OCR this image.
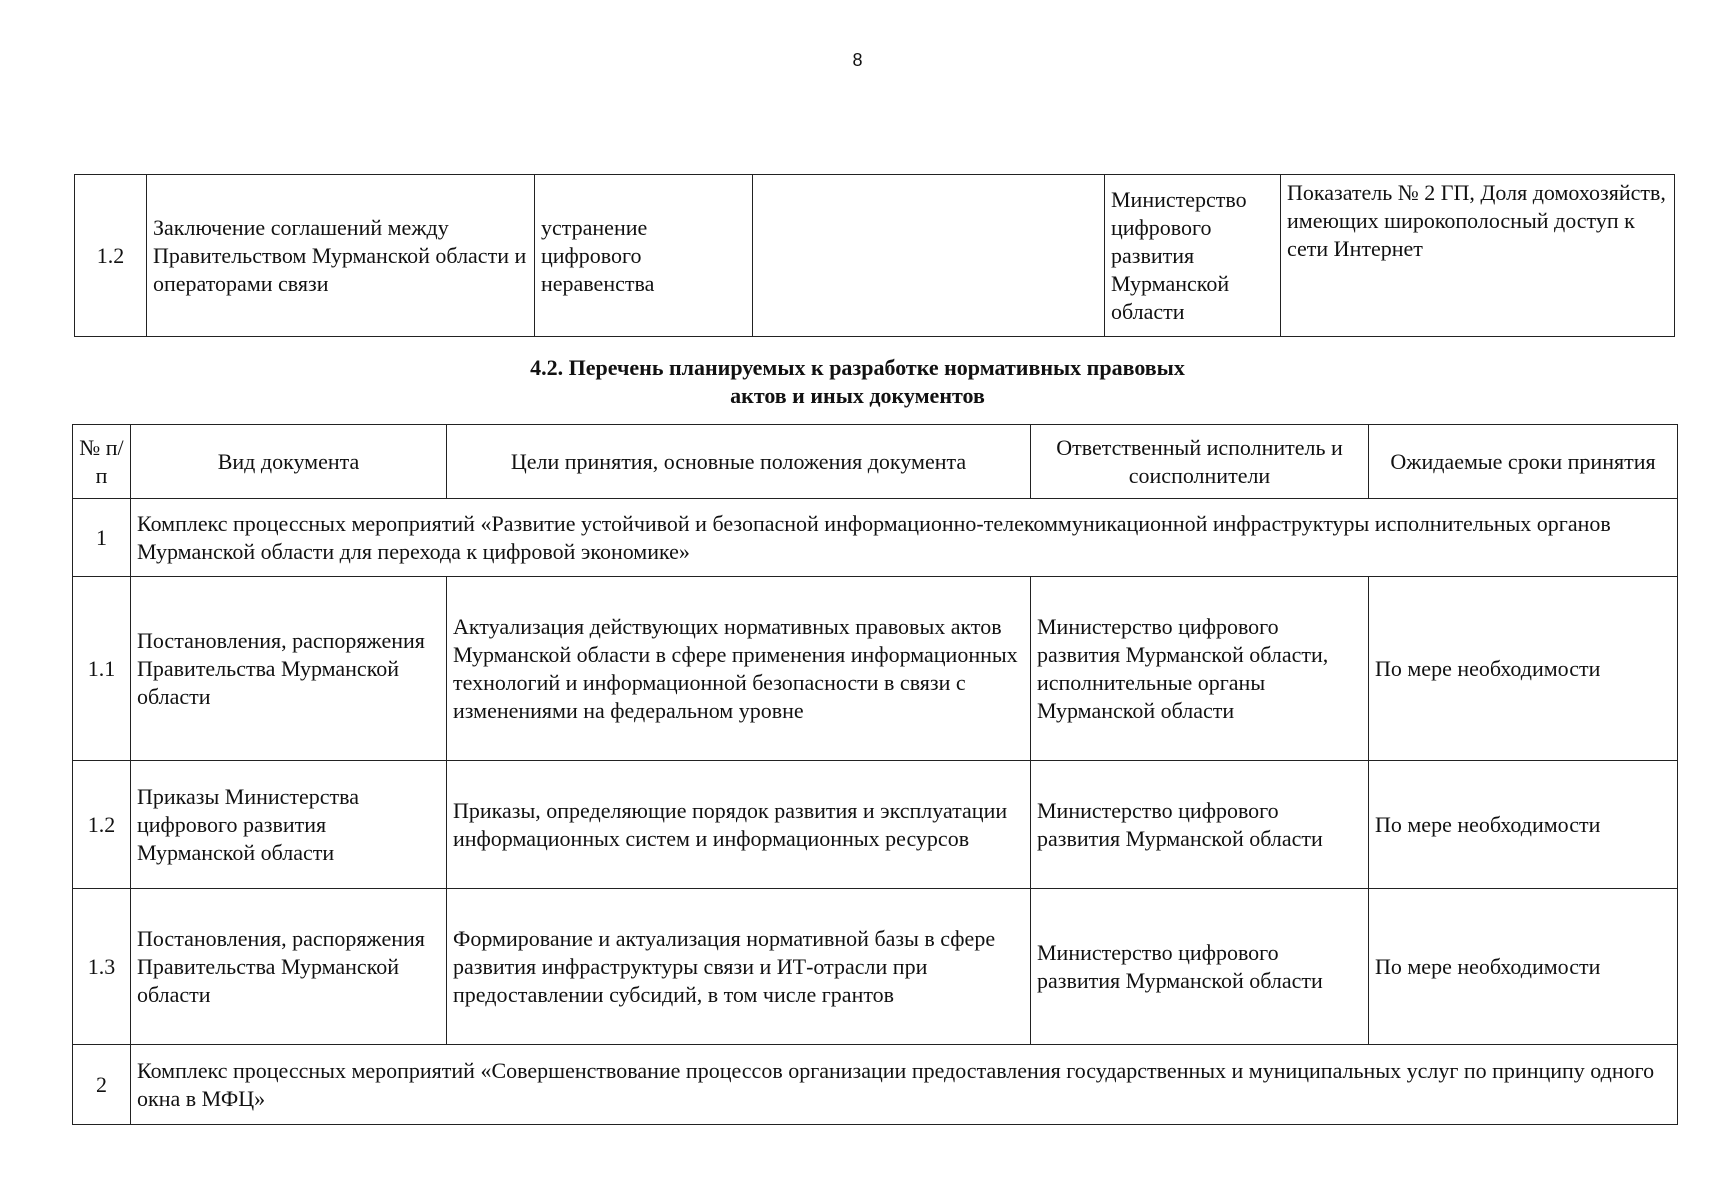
8
1.2	Заключение соглашений между Правительством Мурманской области и операторами связи	устранение цифрового неравенства		Министерство цифрового развития Мурманской области	Показатель № 2 ГП, Доля домохозяйств, имеющих широкополосный доступ к сети Интернет
4.2. Перечень планируемых к разработке нормативных правовых
актов и иных документов
№ п/п	Вид документа	Цели принятия, основные положения документа	Ответственный исполнитель и соисполнители	Ожидаемые сроки принятия
1	Комплекс процессных мероприятий «Развитие устойчивой и безопасной информационно-телекоммуникационной инфраструктуры исполнительных органов Мурманской области для перехода к цифровой экономике»			
1.1	Постановления, распоряжения Правительства Мурманской области	Актуализация действующих нормативных правовых актов Мурманской области в сфере применения информационных технологий и информационной безопасности в связи с изменениями на федеральном уровне	Министерство цифрового развития Мурманской области, исполнительные органы Мурманской области	По мере необходимости
1.2	Приказы Министерства цифрового развития Мурманской области	Приказы, определяющие порядок развития и эксплуатации информационных систем и информационных ресурсов	Министерство цифрового развития Мурманской области	По мере необходимости
1.3	Постановления, распоряжения Правительства Мурманской области	Формирование и актуализация нормативной базы в сфере развития инфраструктуры связи и ИТ-отрасли при предоставлении субсидий, в том числе грантов	Министерство цифрового развития Мурманской области	По мере необходимости
2	Комплекс процессных мероприятий «Совершенствование процессов организации предоставления государственных и муниципальных услуг по принципу одного окна в МФЦ»			
